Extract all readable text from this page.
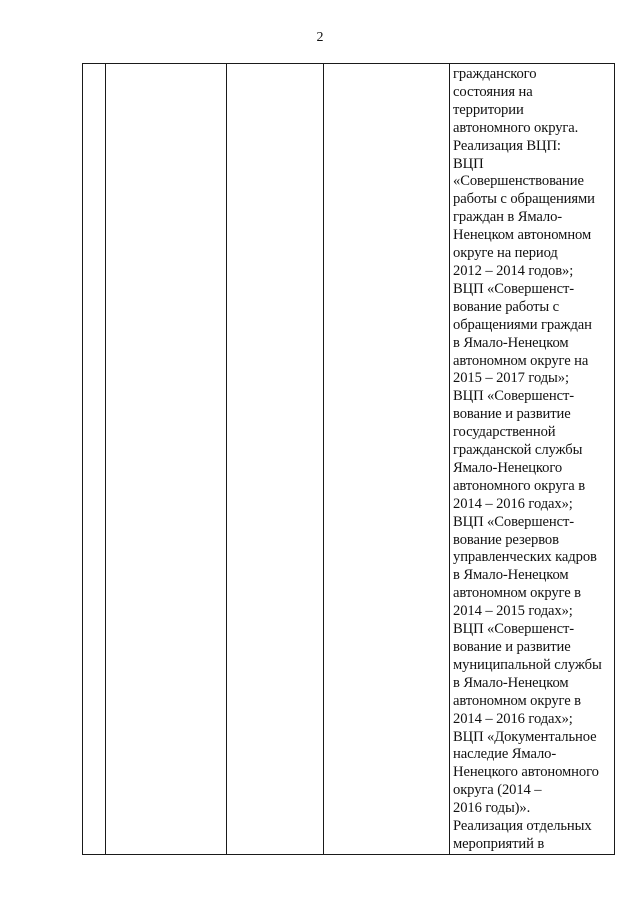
2

гражданского
состояния на
территории
автономного округа.
Реализация ВЦП:
ВЦП
«Совершенствование
работы с обращениями
граждан в Ямало-
Ненецком автономном
округе на период
2012 – 2014 годов»;
ВЦП «Совершенст-
вование работы с
обращениями граждан
в Ямало-Ненецком
автономном округе на
2015 – 2017 годы»;
ВЦП «Совершенст-
вование и развитие
государственной
гражданской службы
Ямало-Ненецкого
автономного округа в
2014 – 2016 годах»;
ВЦП «Совершенст-
вование резервов
управленческих кадров
в Ямало-Ненецком
автономном округе в
2014 – 2015 годах»;
ВЦП «Совершенст-
вование и развитие
муниципальной службы
в Ямало-Ненецком
автономном округе в
2014 – 2016 годах»;
ВЦП «Документальное
наследие Ямало-
Ненецкого автономного
округа (2014 –
2016 годы)».
Реализация отдельных
мероприятий в
